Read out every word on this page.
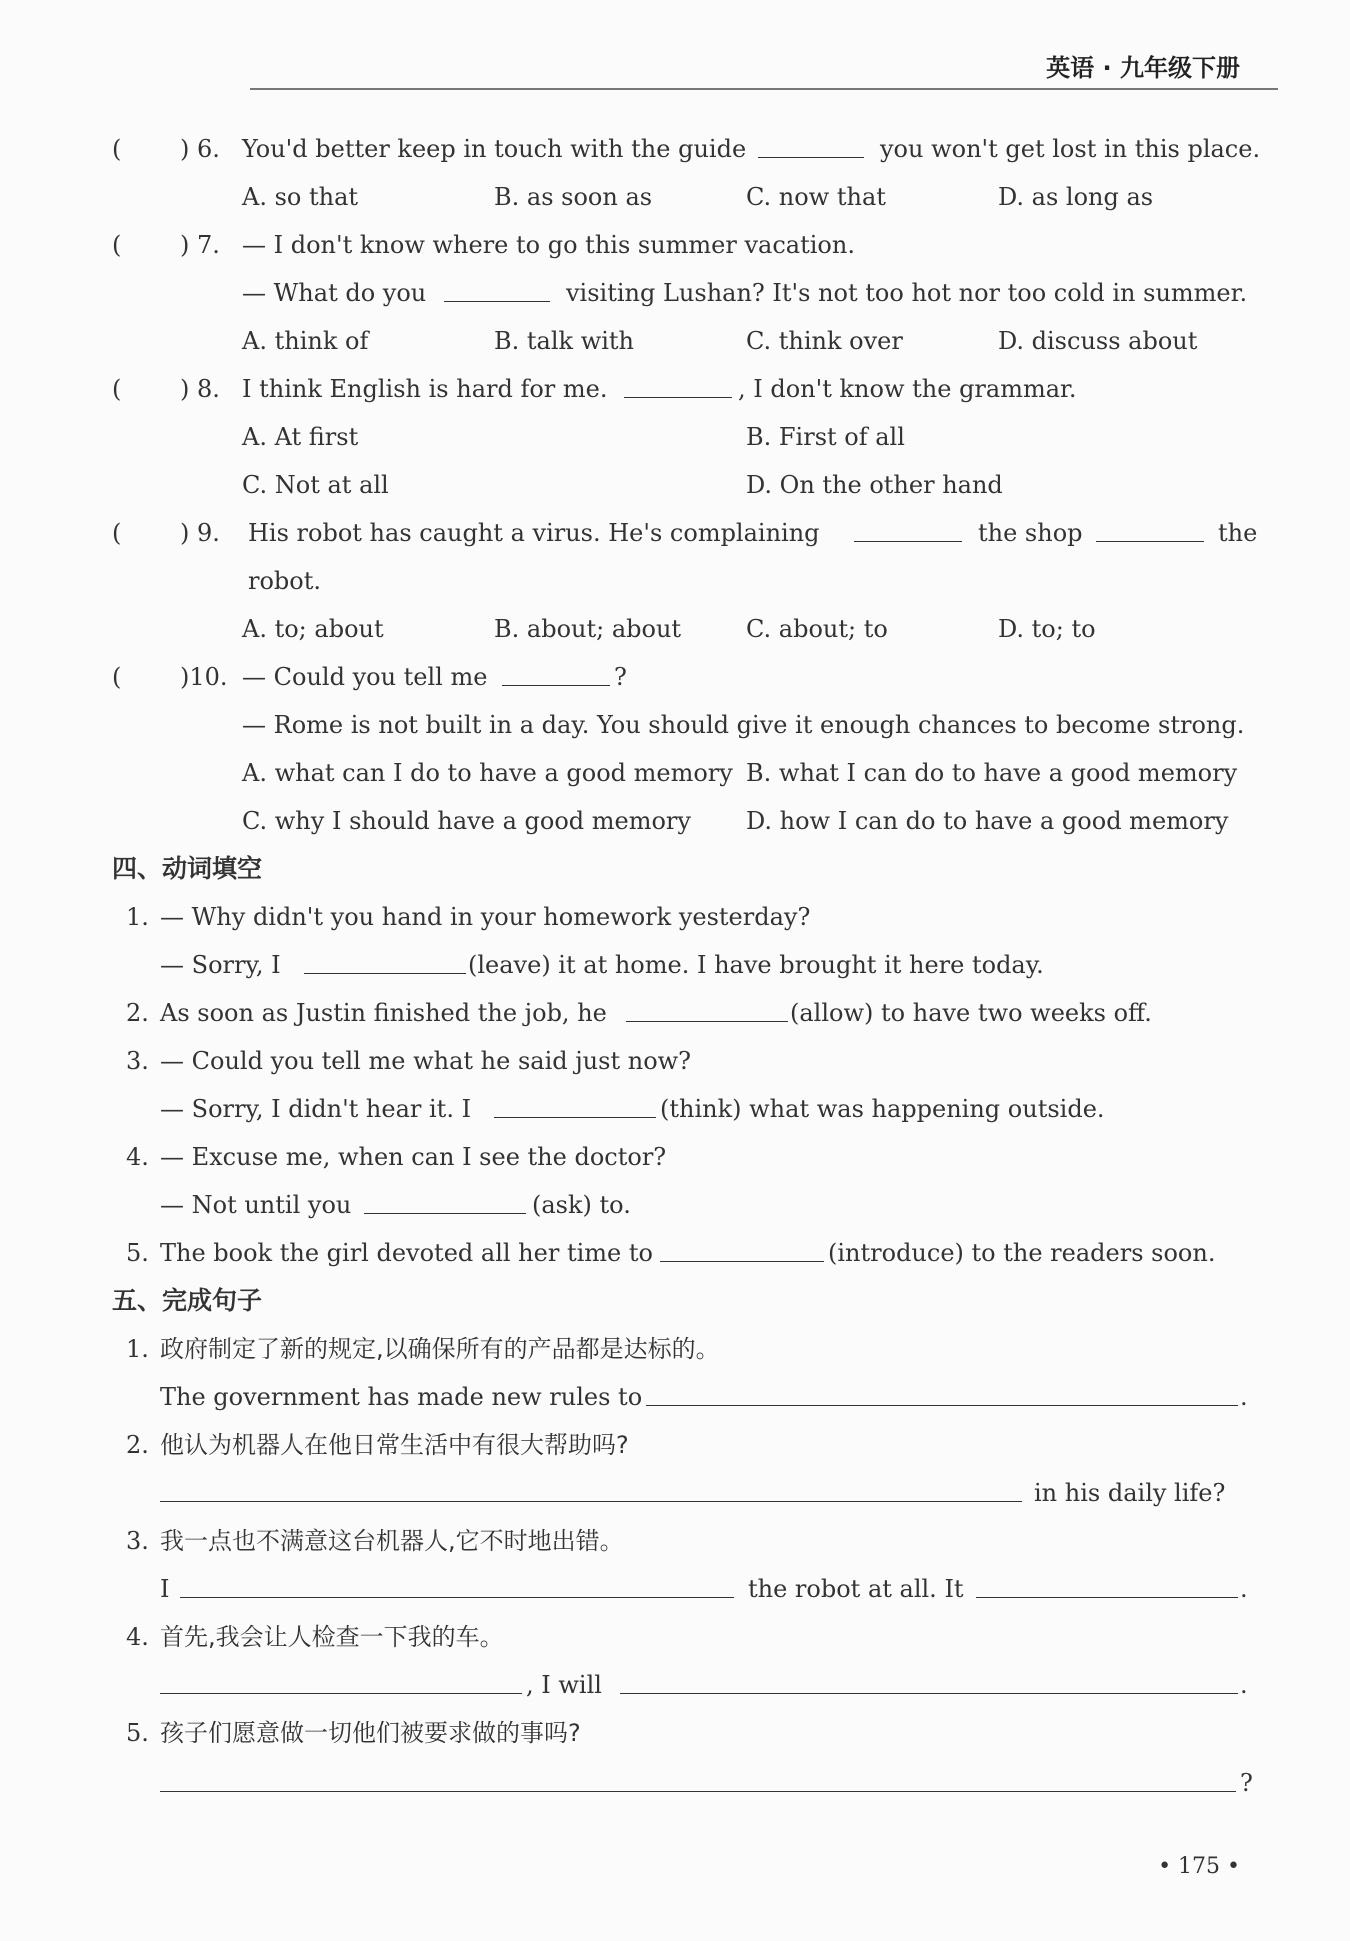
英语 · 九年级下册
( ) 6. You'd better keep in touch with the guide	you won't get lost in this place.
A. so that	B. as soon as	C. now that	D. as long as
( ) 7. — I don't know where to go this summer vacation.
— What do you	visiting Lushan? It's not too hot nor too cold in summer.
A. think of	B. talk with	C. think over	D. discuss about
( ) 8. I think English is hard for me.	, I don't know the grammar.
A. At first	B. First of all
C. Not at all	D. On the other hand
( ) 9. His robot has caught a virus. He's complaining	the shop	the
robot.
A. to; about	B. about; about	C. about; to	D. to; to
( )10. — Could you tell me	?
— Rome is not built in a day. You should give it enough chances to become strong.
A. what can I do to have a good memory B. what I can do to have a good memory
C. why I should have a good memory D. how I can do to have a good memory
四、动词填空
1. — Why didn't you hand in your homework yesterday?
— Sorry, I	(leave) it at home. I have brought it here today.
2. As soon as Justin finished the job, he	(allow) to have two weeks off.
3. — Could you tell me what he said just now?
— Sorry, I didn't hear it. I	(think) what was happening outside.
4. — Excuse me, when can I see the doctor?
— Not until you	(ask) to.
5. The book the girl devoted all her time to	(introduce) to the readers soon.
五、完成句子
1. 政府制定了新的规定,以确保所有的产品都是达标的。
The government has made new rules to	.
2. 他认为机器人在他日常生活中有很大帮助吗?
in his daily life?
3. 我一点也不满意这台机器人,它不时地出错。
I	the robot at all. It	.
4. 首先,我会让人检查一下我的车。
, I will	.
5. 孩子们愿意做一切他们被要求做的事吗?
?
• 175 •
